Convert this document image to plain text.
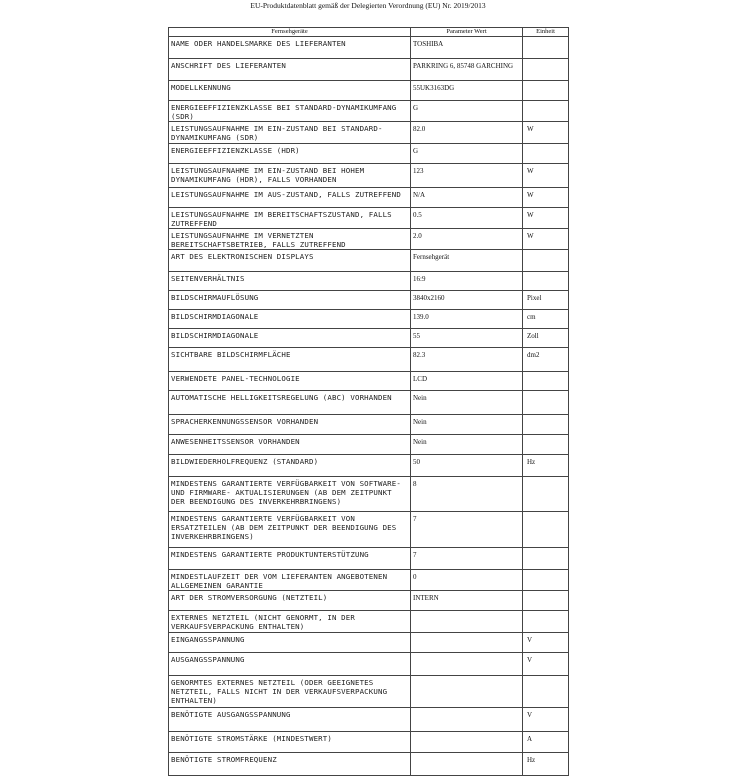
EU-Produktdatenblatt gemäß der Delegierten Verordnung (EU) Nr. 2019/2013
Fernsehgeräte	Parameter Wert	Einheit

NAME ODER HANDELSMARKE DES LIEFERANTEN	TOSHIBA	

ANSCHRIFT DES LIEFERANTEN	PARKRING 6, 85748 GARCHING	

MODELLKENNUNG	55UK3163DG	

ENERGIEEFFIZIENZKLASSE BEI STANDARD-DYNAMIKUMFANG (SDR)	G	

LEISTUNGSAUFNAHME IM EIN-ZUSTAND BEI STANDARD- DYNAMIKUMFANG (SDR)	82.0	W

ENERGIEEFFIZIENZKLASSE (HDR)	G	

LEISTUNGSAUFNAHME IM EIN-ZUSTAND BEI HOHEM DYNAMIKUMFANG (HDR), FALLS VORHANDEN	123	W

LEISTUNGSAUFNAHME IM AUS-ZUSTAND, FALLS ZUTREFFEND	N/A	W

LEISTUNGSAUFNAHME IM BEREITSCHAFTSZUSTAND, FALLS ZUTREFFEND	0.5	W

LEISTUNGSAUFNAHME IM VERNETZTEN BEREITSCHAFTSBETRIEB, FALLS ZUTREFFEND	2.0	W

ART DES ELEKTRONISCHEN DISPLAYS	Fernsehgerät	

SEITENVERHÄLTNIS	16:9	

BILDSCHIRMAUFLÖSUNG	3840x2160	Pixel

BILDSCHIRMDIAGONALE	139.0	cm

BILDSCHIRMDIAGONALE	55	Zoll

SICHTBARE BILDSCHIRMFLÄCHE	82.3	dm2

VERWENDETE PANEL-TECHNOLOGIE	LCD	

AUTOMATISCHE HELLIGKEITSREGELUNG (ABC) VORHANDEN	Nein	

SPRACHERKENNUNGSSENSOR VORHANDEN	Nein	

ANWESENHEITSSENSOR VORHANDEN	Nein	

BILDWIEDERHOLFREQUENZ (STANDARD)	50	Hz

MINDESTENS GARANTIERTE VERFÜGBARKEIT VON SOFTWARE- UND FIRMWARE- AKTUALISIERUNGEN (AB DEM ZEITPUNKT DER BEENDIGUNG DES INVERKEHRBRINGENS)	8	

MINDESTENS GARANTIERTE VERFÜGBARKEIT VON ERSATZTEILEN (AB DEM ZEITPUNKT DER BEENDIGUNG DES INVERKEHRBRINGENS)	7	

MINDESTENS GARANTIERTE PRODUKTUNTERSTÜTZUNG	7	

MINDESTLAUFZEIT DER VOM LIEFERANTEN ANGEBOTENEN ALLGEMEINEN GARANTIE	0	

ART DER STROMVERSORGUNG (NETZTEIL)	INTERN	

EXTERNES NETZTEIL (NICHT GENORMT, IN DER VERKAUFSVERPACKUNG ENTHALTEN)		

EINGANGSSPANNUNG		V

AUSGANGSSPANNUNG		V

GENORMTES EXTERNES NETZTEIL (ODER GEEIGNETES NETZTEIL, FALLS NICHT IN DER VERKAUFSVERPACKUNG ENTHALTEN)		

BENÖTIGTE AUSGANGSSPANNUNG		V

BENÖTIGTE STROMSTÄRKE (MINDESTWERT)		A

BENÖTIGTE STROMFREQUENZ		Hz
